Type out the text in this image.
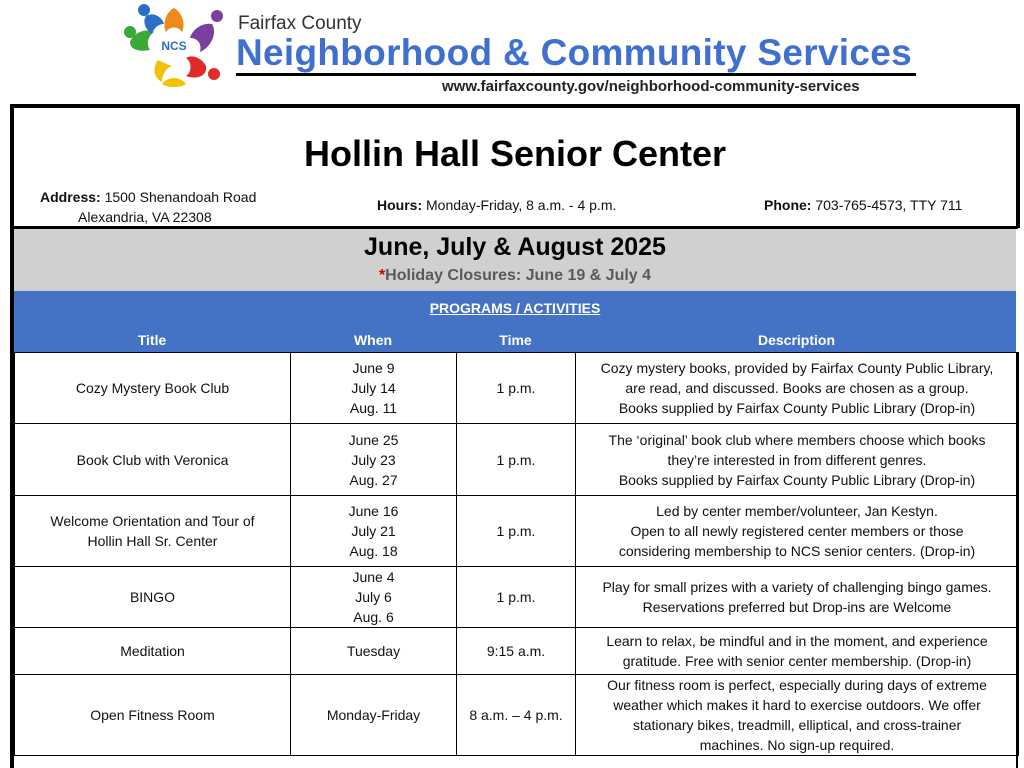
NCS
Fairfax County
Neighborhood & Community Services
www.fairfaxcounty.gov/neighborhood-community-services
Hollin Hall Senior Center
Address: 1500 Shenandoah Road
Alexandria, VA 22308
Hours: Monday-Friday, 8 a.m. - 4 p.m.	Phone: 703-765-4573, TTY 711
June, July & August 2025
*Holiday Closures: June 19 & July 4
PROGRAMS / ACTIVITIES
Title	When	Time	Description
Cozy Mystery Book Club	June 9
July 14
Aug. 11	1 p.m.	Cozy mystery books, provided by Fairfax County Public Library,
are read, and discussed. Books are chosen as a group.
Books supplied by Fairfax County Public Library (Drop-in)

Book Club with Veronica	June 25
July 23
Aug. 27	1 p.m.	The ‘original’ book club where members choose which books
they’re interested in from different genres.
Books supplied by Fairfax County Public Library (Drop-in)

Welcome Orientation and Tour of
Hollin Hall Sr. Center	June 16
July 21
Aug. 18	1 p.m.	Led by center member/volunteer, Jan Kestyn.
Open to all newly registered center members or those
considering membership to NCS senior centers. (Drop-in)

BINGO	June 4
July 6
Aug. 6	1 p.m.	Play for small prizes with a variety of challenging bingo games.
Reservations preferred but Drop-ins are Welcome

Meditation	Tuesday	9:15 a.m.	Learn to relax, be mindful and in the moment, and experience
gratitude. Free with senior center membership. (Drop-in)

Open Fitness Room	Monday-Friday	8 a.m. – 4 p.m.	Our fitness room is perfect, especially during days of extreme
weather which makes it hard to exercise outdoors. We offer
stationary bikes, treadmill, elliptical, and cross-trainer
machines. No sign-up required.
